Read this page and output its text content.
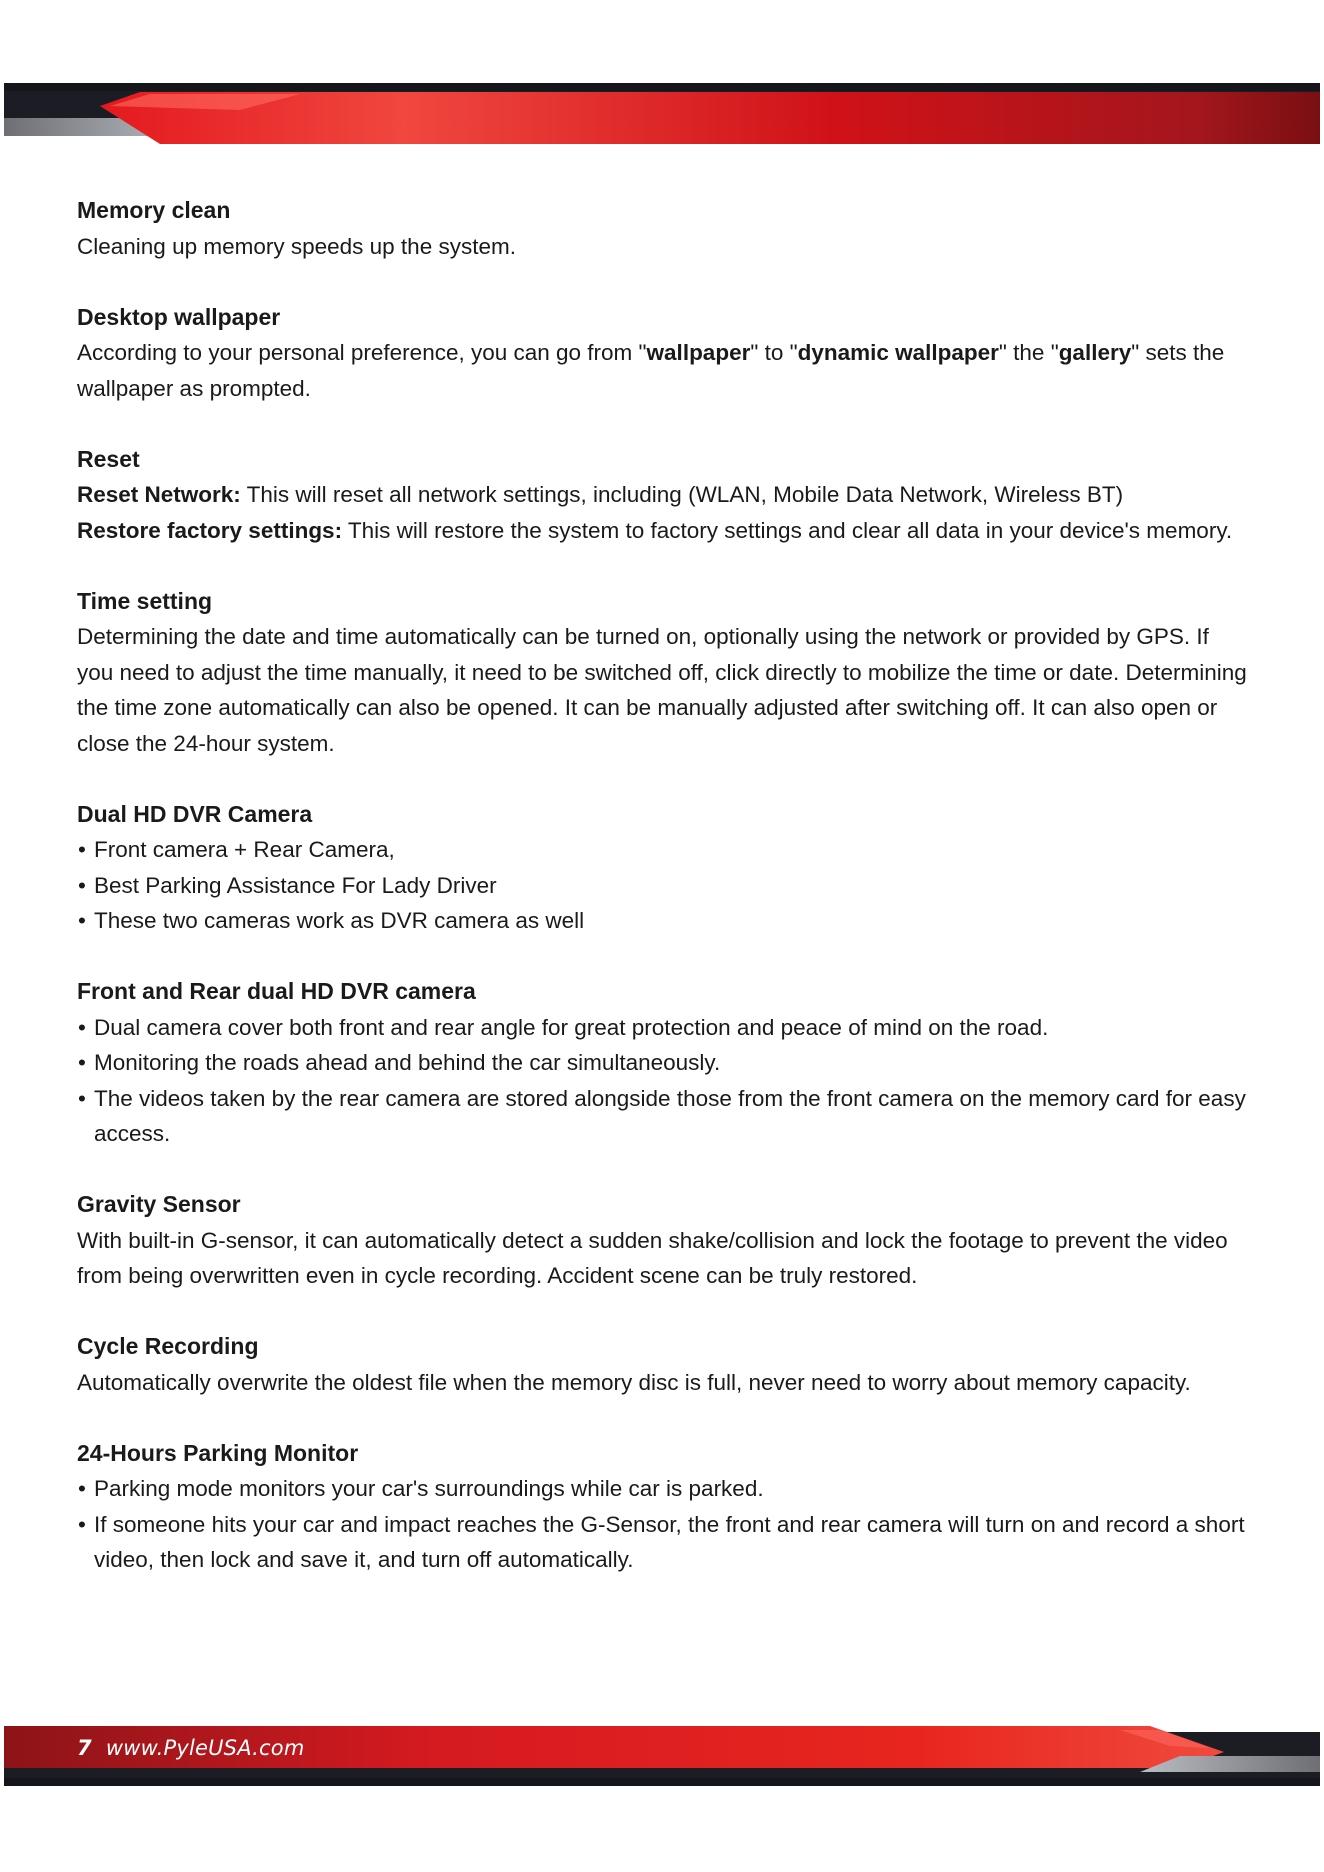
Memory clean

Cleaning up memory speeds up the system.

Desktop wallpaper

According to your personal preference, you can go from "wallpaper" to "dynamic wallpaper" the "gallery" sets the wallpaper as prompted.

Reset

Reset Network: This will reset all network settings, including (WLAN, Mobile Data Network, Wireless BT)

Restore factory settings: This will restore the system to factory settings and clear all data in your device's memory.

Time setting

Determining the date and time automatically can be turned on, optionally using the network or provided by GPS. If you need to adjust the time manually, it need to be switched off, click directly to mobilize the time or date. Determining the time zone automatically can also be opened. It can be manually adjusted after switching off. It can also open or close the 24-hour system.

Dual HD DVR Camera

• Front camera + Rear Camera,
• Best Parking Assistance For Lady Driver
• These two cameras work as DVR camera as well

Front and Rear dual HD DVR camera

• Dual camera cover both front and rear angle for great protection and peace of mind on the road.
• Monitoring the roads ahead and behind the car simultaneously.
• The videos taken by the rear camera are stored alongside those from the front camera on the memory card for easy access.

Gravity Sensor

With built-in G-sensor, it can automatically detect a sudden shake/collision and lock the footage to prevent the video from being overwritten even in cycle recording. Accident scene can be truly restored.

Cycle Recording

Automatically overwrite the oldest file when the memory disc is full, never need to worry about memory capacity.

24-Hours Parking Monitor

• Parking mode monitors your car's surroundings while car is parked.
• If someone hits your car and impact reaches the G-Sensor, the front and rear camera will turn on and record a short video, then lock and save it, and turn off automatically.
7 www.PyleUSA.com
